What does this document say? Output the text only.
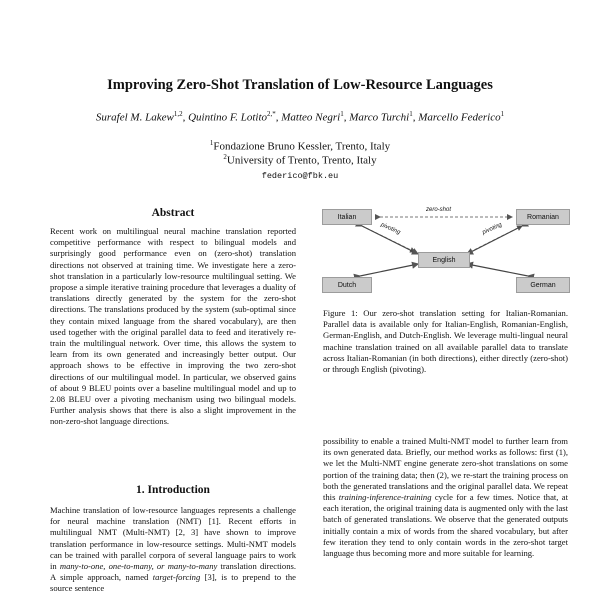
Improving Zero-Shot Translation of Low-Resource Languages
Surafel M. Lakew$^{1,2}$, Quintino F. Lotito$^{2,*}$, Matteo Negri$^1$, Marco Turchi$^1$, Marcello Federico$^1$
$^1$Fondazione Bruno Kessler, Trento, Italy
$^2$University of Trento, Trento, Italy
federico@fbk.eu
Abstract
Recent work on multilingual neural machine translation reported competitive performance with respect to bilingual models and surprisingly good performance even on (zero-shot) translation directions not observed at training time. We investigate here a zero-shot translation in a particularly low-resource multilingual setting. We propose a simple iterative training procedure that leverages a duality of translations directly generated by the system for the zero-shot directions. The translations produced by the system (sub-optimal since they contain mixed language from the shared vocabulary), are then used together with the original parallel data to feed and iteratively re-train the multilingual network. Over time, this allows the system to learn from its own generated and increasingly better output. Our approach shows to be effective in improving the two zero-shot directions of our multilingual model. In particular, we observed gains of about 9 BLEU points over a baseline multilingual model and up to 2.08 BLEU over a pivoting mechanism using two bilingual models. Further analysis shows that there is also a slight improvement in the non-zero-shot language directions.
1. Introduction
Machine translation of low-resource languages represents a challenge for neural machine translation (NMT) [1]. Recent efforts in multilingual NMT (Multi-NMT) [2, 3] have shown to improve translation performance in low-resource settings. Multi-NMT models can be trained with parallel corpora of several language pairs to work in many-to-one, one-to-many, or many-to-many translation directions. A simple approach, named target-forcing [3], is to prepend to the source sentence
Italian	Romanian
English
Dutch	German
zero-shot
pivoting	pivoting
Figure 1: Our zero-shot translation setting for Italian-Romanian. Parallel data is available only for Italian-English, Romanian-English, German-English, and Dutch-English. We leverage multi-lingual neural machine translation trained on all available parallel data to translate across Italian-Romanian (in both directions), either directly (zero-shot) or through English (pivoting).
possibility to enable a trained Multi-NMT model to further learn from its own generated data. Briefly, our method works as follows: first (1), we let the Multi-NMT engine generate zero-shot translations on some portion of the training data; then (2), we re-start the training process on both the generated translations and the original parallel data. We repeat this training-inference-training cycle for a few times. Notice that, at each iteration, the original training data is augmented only with the last batch of generated translations. We observe that the generated outputs initially contain a mix of words from the shared vocabulary, but after few iteration they tend to only contain words in the zero-shot target language thus becoming more and more suitable for learning.
